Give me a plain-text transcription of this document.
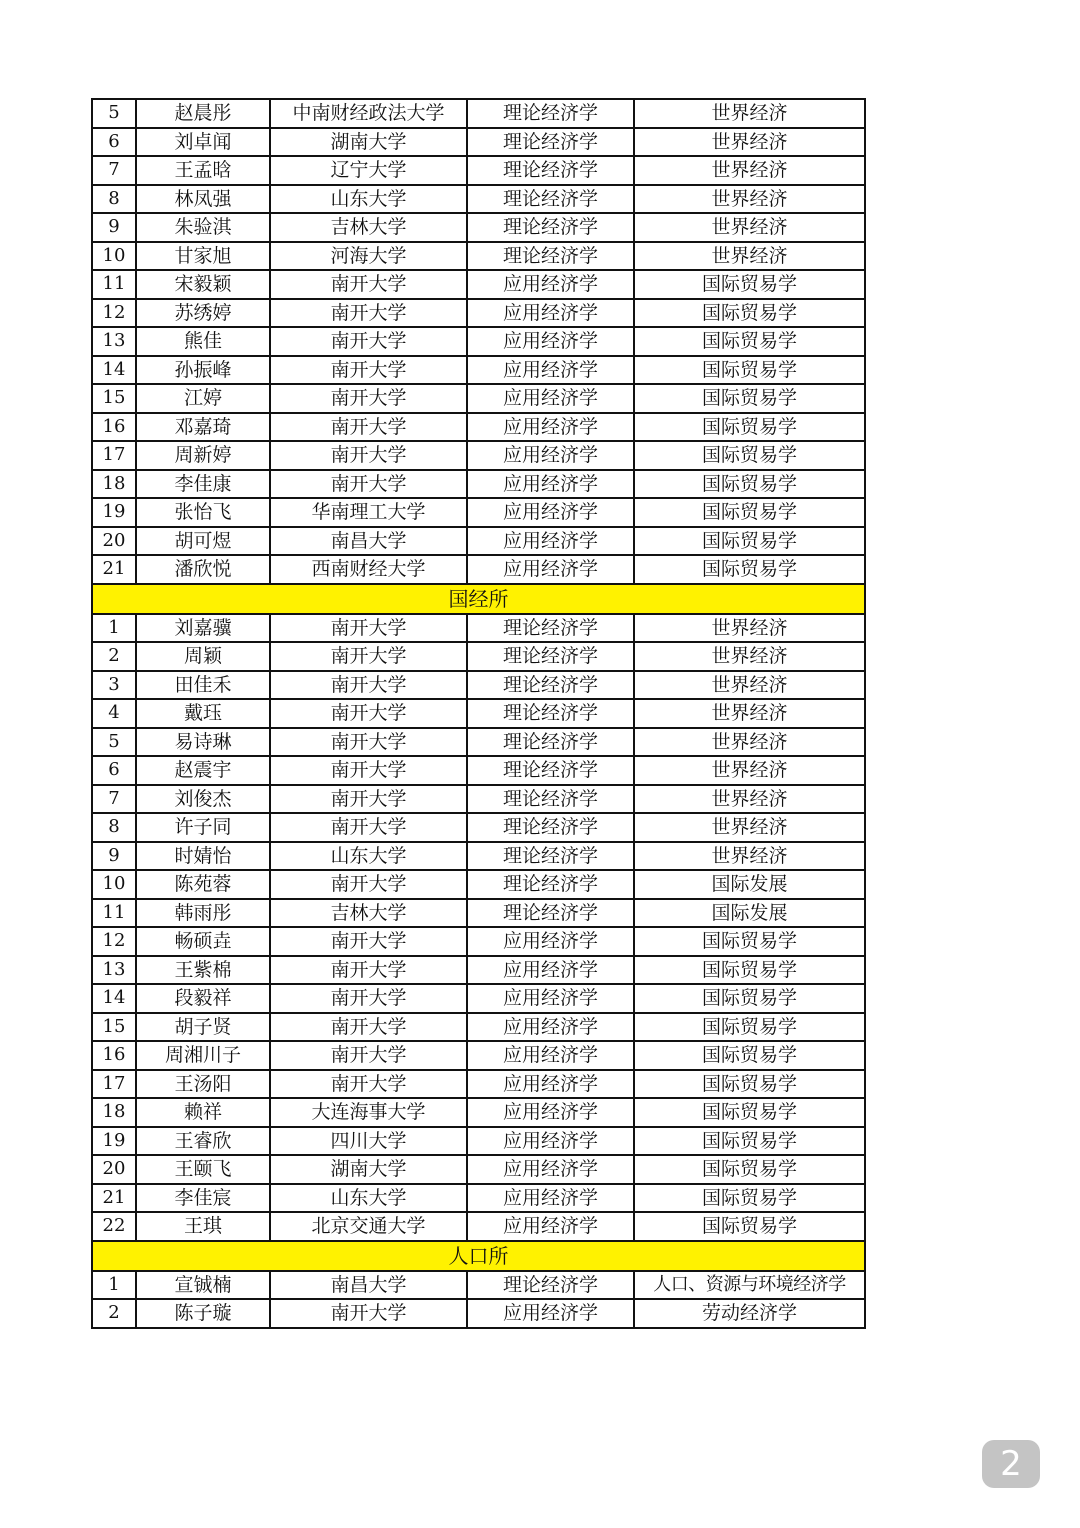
5	赵晨彤	中南财经政法大学	理论经济学	世界经济
6	刘卓闻	湖南大学	理论经济学	世界经济
7	王孟晗	辽宁大学	理论经济学	世界经济
8	林凤强	山东大学	理论经济学	世界经济
9	朱验淇	吉林大学	理论经济学	世界经济
10	甘家旭	河海大学	理论经济学	世界经济
11	宋毅颖	南开大学	应用经济学	国际贸易学
12	苏绣婷	南开大学	应用经济学	国际贸易学
13	熊佳	南开大学	应用经济学	国际贸易学
14	孙振峰	南开大学	应用经济学	国际贸易学
15	江婷	南开大学	应用经济学	国际贸易学
16	邓嘉琦	南开大学	应用经济学	国际贸易学
17	周新婷	南开大学	应用经济学	国际贸易学
18	李佳康	南开大学	应用经济学	国际贸易学
19	张怡飞	华南理工大学	应用经济学	国际贸易学
20	胡可煜	南昌大学	应用经济学	国际贸易学
21	潘欣悦	西南财经大学	应用经济学	国际贸易学
国经所				
1	刘嘉骥	南开大学	理论经济学	世界经济
2	周颖	南开大学	理论经济学	世界经济
3	田佳禾	南开大学	理论经济学	世界经济
4	戴珏	南开大学	理论经济学	世界经济
5	易诗琳	南开大学	理论经济学	世界经济
6	赵震宇	南开大学	理论经济学	世界经济
7	刘俊杰	南开大学	理论经济学	世界经济
8	许子同	南开大学	理论经济学	世界经济
9	时婧怡	山东大学	理论经济学	世界经济
10	陈苑蓉	南开大学	理论经济学	国际发展
11	韩雨彤	吉林大学	理论经济学	国际发展
12	畅硕垚	南开大学	应用经济学	国际贸易学
13	王紫棉	南开大学	应用经济学	国际贸易学
14	段毅祥	南开大学	应用经济学	国际贸易学
15	胡子贤	南开大学	应用经济学	国际贸易学
16	周湘川子	南开大学	应用经济学	国际贸易学
17	王汤阳	南开大学	应用经济学	国际贸易学
18	赖祥	大连海事大学	应用经济学	国际贸易学
19	王睿欣	四川大学	应用经济学	国际贸易学
20	王颐飞	湖南大学	应用经济学	国际贸易学
21	李佳宸	山东大学	应用经济学	国际贸易学
22	王琪	北京交通大学	应用经济学	国际贸易学
人口所				
1	宣铖楠	南昌大学	理论经济学	人口、资源与环境经济学
2	陈子璇	南开大学	应用经济学	劳动经济学
2
